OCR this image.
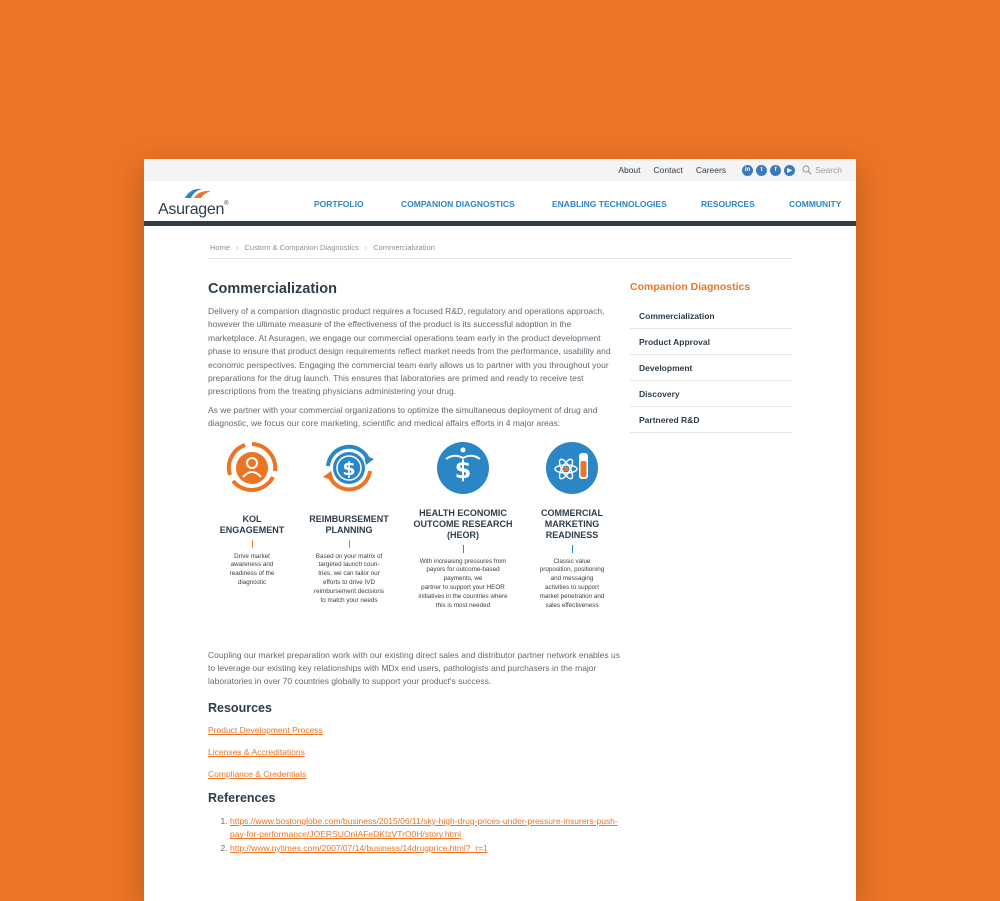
About Contact Careers	in	t	f	▶	Search
Asuragen®	PORTFOLIO	COMPANION DIAGNOSTICS	ENABLING TECHNOLOGIES	RESOURCES	COMMUNITY
Home › Custom & Companion Diagnostics › Commercialization
Commercialization

Delivery of a companion diagnostic product requires a focused R&D, regulatory and operations approach, however the ultimate measure of the effectiveness of the product is its successful adoption in the marketplace. At Asuragen, we engage our commercial operations team early in the product development phase to ensure that product design requirements reflect market needs from the performance, usability and economic perspectives. Engaging the commercial team early allows us to partner with you throughout your preparations for the drug launch. This ensures that laboratories are primed and ready to receive test prescriptions from the treating physicians administering your drug.

As we partner with your commercial organizations to optimize the simultaneous deployment of drug and diagnostic, we focus our core marketing, scientific and medical affairs efforts in 4 major areas:

KOL
ENGAGEMENT
Drive market
awareness and
readiness of the
diagnostic
$
REIMBURSEMENT
PLANNING
Based on your matrix of
targeted launch coun-
tries, we can tailor our
efforts to drive IVD
reimbursement decisions
to match your needs
$
HEALTH ECONOMIC
OUTCOME RESEARCH
(HEOR)
With increasing pressures from
payors for outcome-based
payments, we
partner to support your HEOR
initiatives in the countries where
this is most needed
COMMERCIAL
MARKETING
READINESS
Classic value
proposition, positioning
and messaging
activities to support
market penetration and
sales effectiveness

Coupling our market preparation work with our existing direct sales and distributor partner network enables us to leverage our existing key relationships with MDx end users, pathologists and purchasers in the major laboratories in over 70 countries globally to support your product's success.

Resources
Product Development Process
Licenses & Accreditations
Compliance & Credentials
References
1. https://www.bostonglobe.com/business/2015/06/11/sky-high-drug-prices-under-pressure-insurers-push-pay-for-performance/JOERSUOnIAFeDKIzVTrO0H/story.html
2. http://www.nytimes.com/2007/07/14/business/14drugprice.html?_r=1
Companion Diagnostics
Commercialization
Product Approval
Development
Discovery
Partnered R&D
